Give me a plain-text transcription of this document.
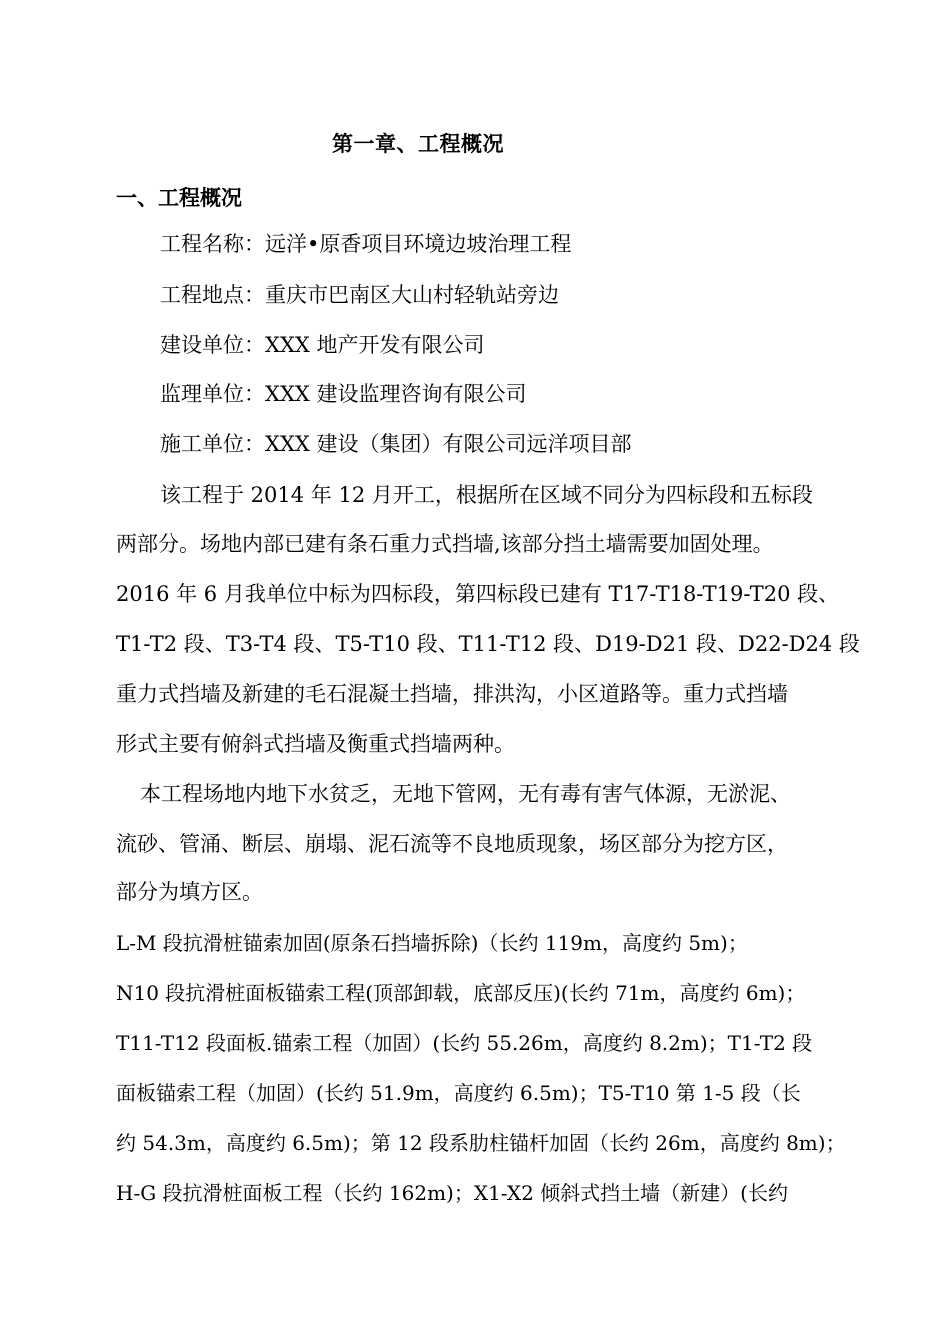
第一章、工程概况
一、工程概况
工程名称：远洋•原香项目环境边坡治理工程
工程地点：重庆市巴南区大山村轻轨站旁边
建设单位：XXX 地产开发有限公司
监理单位：XXX 建设监理咨询有限公司
施工单位：XXX 建设（集团）有限公司远洋项目部
该工程于 2014 年 12 月开工，根据所在区域不同分为四标段和五标段
两部分。场地内部已建有条石重力式挡墙,该部分挡土墙需要加固处理。
2016 年 6 月我单位中标为四标段，第四标段已建有 T17-T18-T19-T20 段、
T1-T2 段、T3-T4 段、T5-T10 段、T11-T12 段、D19-D21 段、D22-D24 段
重力式挡墙及新建的毛石混凝土挡墙，排洪沟，小区道路等。重力式挡墙
形式主要有俯斜式挡墙及衡重式挡墙两种。
本工程场地内地下水贫乏，无地下管网，无有毒有害气体源，无淤泥、
流砂、管涌、断层、崩塌、泥石流等不良地质现象，场区部分为挖方区，
部分为填方区。
L-M 段抗滑桩锚索加固(原条石挡墙拆除)（长约 119m，高度约 5m)；
N10 段抗滑桩面板锚索工程(顶部卸载，底部反压)(长约 71m，高度约 6m)；
T11-T12 段面板.锚索工程（加固）(长约 55.26m，高度约 8.2m)；T1-T2 段
面板锚索工程（加固）(长约 51.9m，高度约 6.5m)；T5-T10 第 1-5 段（长
约 54.3m，高度约 6.5m)；第 12 段系肋柱锚杆加固（长约 26m，高度约 8m)；
H-G 段抗滑桩面板工程（长约 162m)；X1-X2 倾斜式挡土墙（新建）(长约
